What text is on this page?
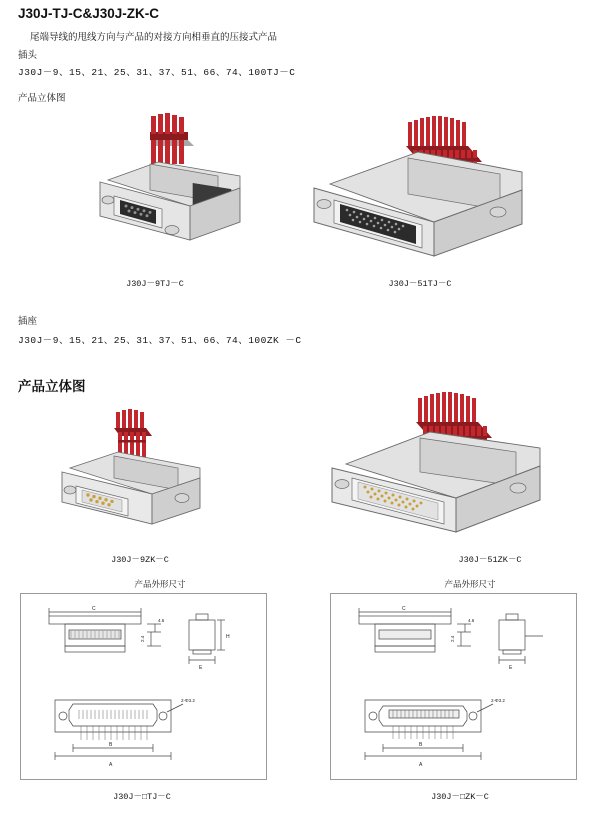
J30J-TJ-C&J30J-ZK-C
尾端导线的甩线方向与产品的对接方向相垂直的压接式产品
插头
J30J－9、15、21、25、31、37、51、66、74、100TJ－C
产品立体图
J30J－9TJ－C	J30J－51TJ－C
插座
J30J－9、15、21、25、31、37、51、66、74、100ZK －C
产品立体图
J30J－9ZK－C	J30J－51ZK－C
产品外形尺寸	产品外形尺寸
C
B
A
E
H
4.6
2.4
2-Φ3.2
C
B
A
E
4.6
2.4
2-Φ3.2
J30J－□TJ－C	J30J－□ZK－C
